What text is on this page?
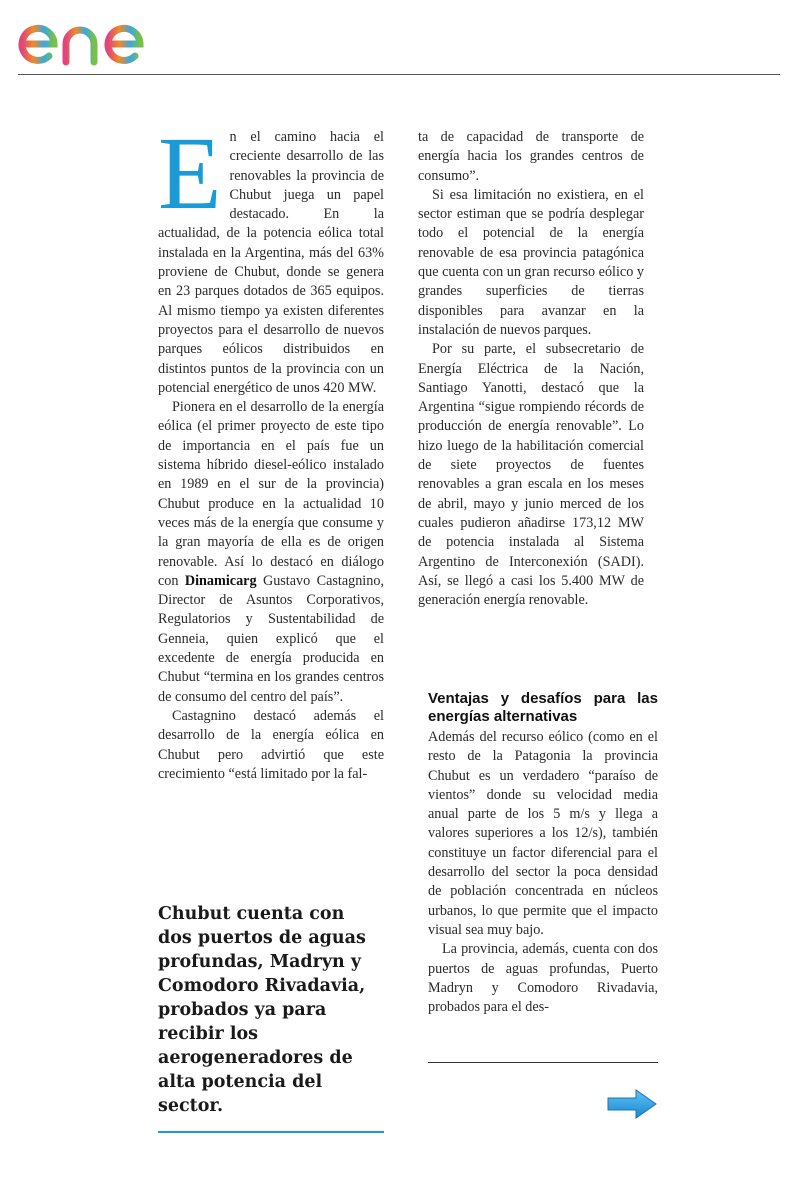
En el camino hacia el creciente desarrollo de las renovables la provincia de Chubut juega un papel destacado. En la actualidad, de la potencia eólica total instalada en la Argentina, más del 63% proviene de Chubut, donde se genera en 23 parques dotados de 365 equipos. Al mismo tiempo ya existen diferentes proyectos para el desarrollo de nuevos parques eólicos distribuidos en distintos puntos de la provincia con un potencial energético de unos 420 MW.

Pionera en el desarrollo de la energía eólica (el primer proyecto de este tipo de importancia en el país fue un sistema híbrido diesel-eólico instalado en 1989 en el sur de la provincia) Chubut produce en la actualidad 10 veces más de la energía que consume y la gran mayoría de ella es de origen renovable. Así lo destacó en diálogo con Dinamicarg Gustavo Castagnino, Director de Asuntos Corporativos, Regulatorios y Sustentabilidad de Genneia, quien explicó que el excedente de energía producida en Chubut “termina en los grandes centros de consumo del centro del país”.

Castagnino destacó además el desarrollo de la energía eólica en Chubut pero advirtió que este crecimiento “está limitado por la fal-

ta de capacidad de transporte de energía hacia los grandes centros de consumo”.

Si esa limitación no existiera, en el sector estiman que se podría desplegar todo el potencial de la energía renovable de esa provincia patagónica que cuenta con un gran recurso eólico y grandes superficies de tierras disponibles para avanzar en la instalación de nuevos parques.

Por su parte, el subsecretario de Energía Eléctrica de la Nación, Santiago Yanotti, destacó que la Argentina “sigue rompiendo récords de producción de energía renovable”. Lo hizo luego de la habilitación comercial de siete proyectos de fuentes renovables a gran escala en los meses de abril, mayo y junio merced de los cuales pudieron añadirse 173,12 MW de potencia instalada al Sistema Argentino de Interconexión (SADI). Así, se llegó a casi los 5.400 MW de generación energía renovable.

Ventajas y desafíos para las energías alternativas

Además del recurso eólico (como en el resto de la Patagonia la provincia Chubut es un verdadero “paraíso de vientos” donde su velocidad media anual parte de los 5 m/s y llega a valores superiores a los 12/s), también constituye un factor diferencial para el desarrollo del sector la poca densidad de población concentrada en núcleos urbanos, lo que permite que el impacto visual sea muy bajo.

La provincia, además, cuenta con dos puertos de aguas profundas, Puerto Madryn y Comodoro Rivadavia, probados para el des-

Chubut cuenta con dos puertos de aguas profundas, Madryn y Comodoro Rivadavia, probados ya para recibir los aerogeneradores de alta potencia del sector.
